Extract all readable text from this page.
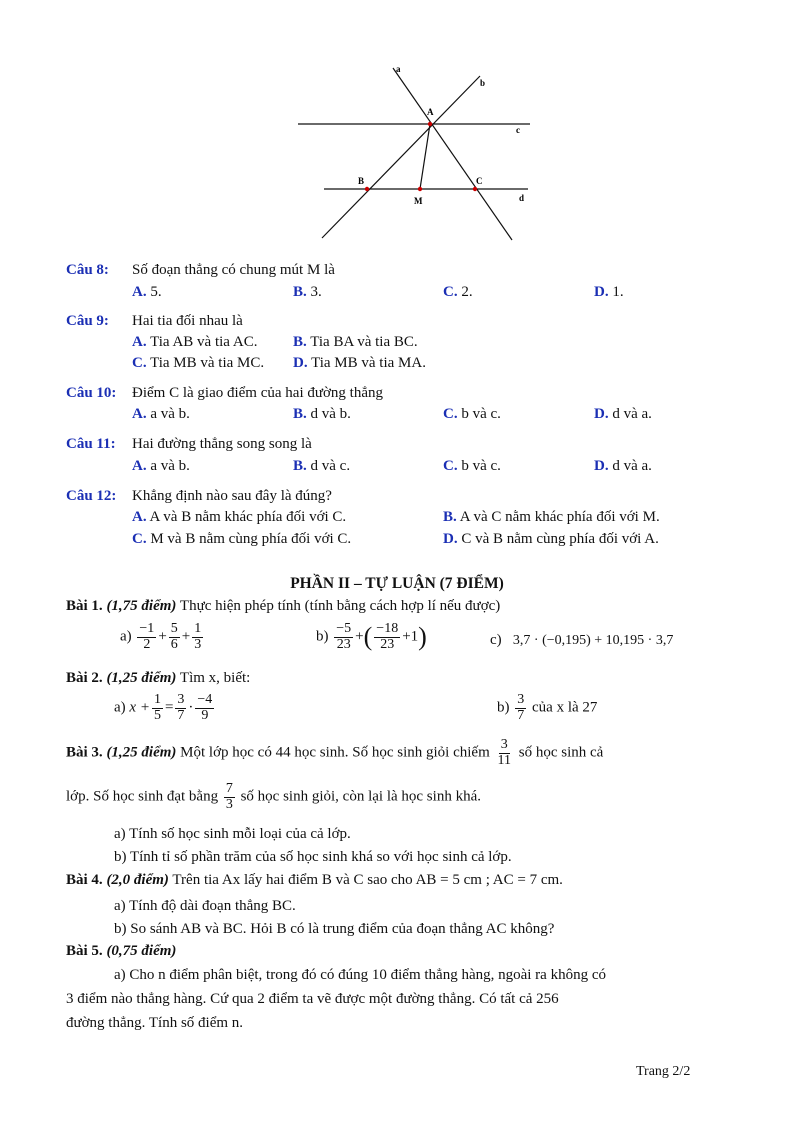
a
b
c
d
A
B	C
M
Câu 8: Số đoạn thẳng có chung mút M là
A. 5.	B. 3.	C. 2.	D. 1.
Câu 9: Hai tia đối nhau là
A. Tia AB và tia AC. B. Tia BA và tia BC.
C. Tia MB và tia MC. D. Tia MB và tia MA.
Câu 10: Điểm C là giao điểm của hai đường thẳng
A. a và b.	B. d và b.	C. b và c.	D. d và a.
Câu 11: Hai đường thẳng song song là
A. a và b.	B. d và c.	C. b và c.	D. d và a.
Câu 12: Khẳng định nào sau đây là đúng?
A. A và B nằm khác phía đối với C.	B. A và C nằm khác phía đối với M.
C. M và B nằm cùng phía đối với C.	D. C và B nằm cùng phía đối với A.
PHẦN II – TỰ LUẬN (7 ĐIỂM)
Bài 1. (1,75 điểm) Thực hiện phép tính (tính bằng cách hợp lí nếu được)
$a) \frac{-1}{2} + \frac{5}{6} + \frac{1}{3}$	$b) \frac{-5}{23}$ +( $\frac{-18}{23} +1$)	c) 3,7 · (−0,195) + 10,195 · 3,7
Bài 2. (1,25 điểm) Tìm x, biết:
a) $x + \frac{1}{5} = \frac{3}{7} \cdot \frac{-4}{9}$	$b) \frac{3}{7}$ của x là 27
Bài 3. (1,25 điểm) Một lớp học có 44 học sinh. Số học sinh giỏi chiếm $\frac{3}{11}$ số học sinh cả
lớp. Số học sinh đạt bằng $\frac{7}{3}$ số học sinh giỏi, còn lại là học sinh khá.
a) Tính số học sinh mỗi loại của cả lớp.
b) Tính tỉ số phần trăm của số học sinh khá so với học sinh cả lớp.
Bài 4. (2,0 điểm) Trên tia Ax lấy hai điểm B và C sao cho AB = 5 cm ; AC = 7 cm.
a) Tính độ dài đoạn thẳng BC.
b) So sánh AB và BC. Hỏi B có là trung điểm của đoạn thẳng AC không?
Bài 5. (0,75 điểm)
a) Cho n điểm phân biệt, trong đó có đúng 10 điểm thẳng hàng, ngoài ra không có
3 điểm nào thẳng hàng. Cứ qua 2 điểm ta vẽ được một đường thẳng. Có tất cả 256
đường thẳng. Tính số điểm n.
Trang 2/2
